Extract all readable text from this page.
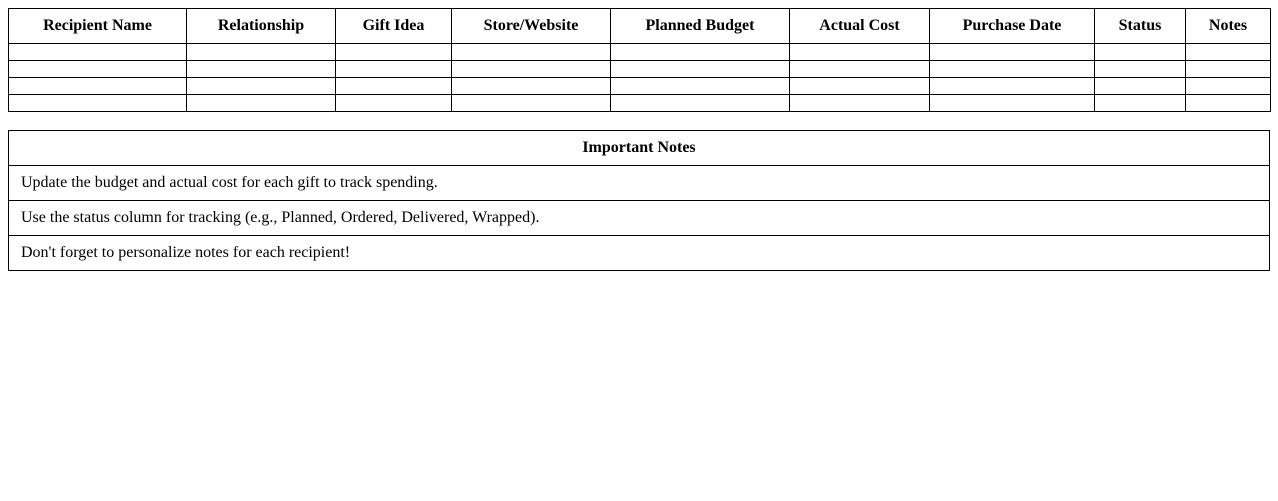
Recipient Name	Relationship	Gift Idea	Store/Website	Planned Budget	Actual Cost	Purchase Date	Status	Notes

Important Notes
Update the budget and actual cost for each gift to track spending.
Use the status column for tracking (e.g., Planned, Ordered, Delivered, Wrapped).
Don't forget to personalize notes for each recipient!
